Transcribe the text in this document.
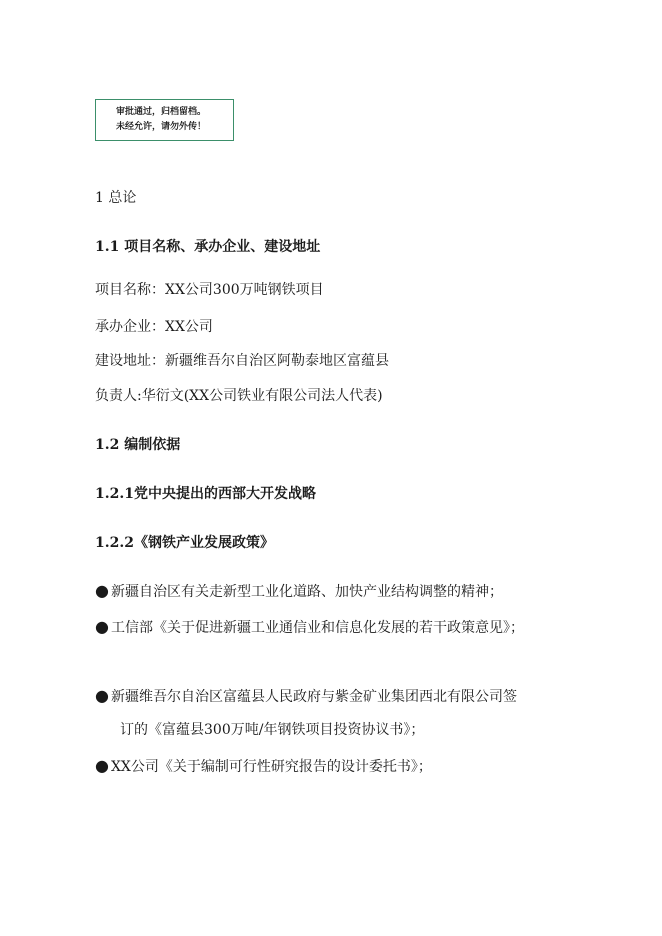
审批通过，归档留档。
未经允许，请勿外传！
1 总论
1.1 项目名称、承办企业、建设地址
项目名称：XX公司300万吨钢铁项目
承办企业：XX公司
建设地址：新疆维吾尔自治区阿勒泰地区富蕴县
负责人:华衍文(XX公司铁业有限公司法人代表)
1.2 编制依据
1.2.1党中央提出的西部大开发战略
1.2.2《钢铁产业发展政策》
● 新疆自治区有关走新型工业化道路、加快产业结构调整的精神；
● 工信部《关于促进新疆工业通信业和信息化发展的若干政策意见》；
● 新疆维吾尔自治区富蕴县人民政府与紫金矿业集团西北有限公司签
订的《富蕴县300万吨/年钢铁项目投资协议书》；
● XX公司《关于编制可行性研究报告的设计委托书》；
